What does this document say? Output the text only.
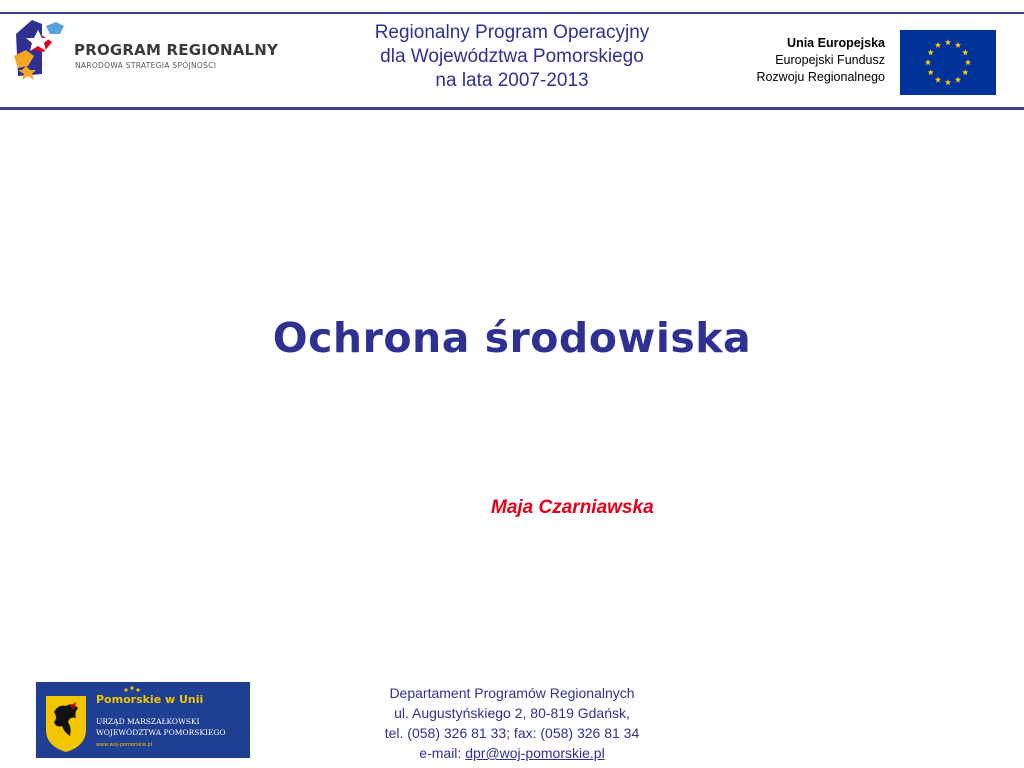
PROGRAM REGIONALNY
NARODOWA STRATEGIA SPÓJNOŚCI
Regionalny Program Operacyjny
dla Województwa Pomorskiego
na lata 2007-2013
Unia Europejska
Europejski Fundusz
Rozwoju Regionalnego
Ochrona środowiska
Maja Czarniawska
Pomorskie w Unii
URZĄD MARSZAŁKOWSKI
WOJEWÓDZTWA POMORSKIEGO
www.woj-pomorskie.pl
Departament Programów Regionalnych
ul. Augustyńskiego 2, 80-819 Gdańsk,
tel. (058) 326 81 33; fax: (058) 326 81 34
e-mail: dpr@woj-pomorskie.pl
